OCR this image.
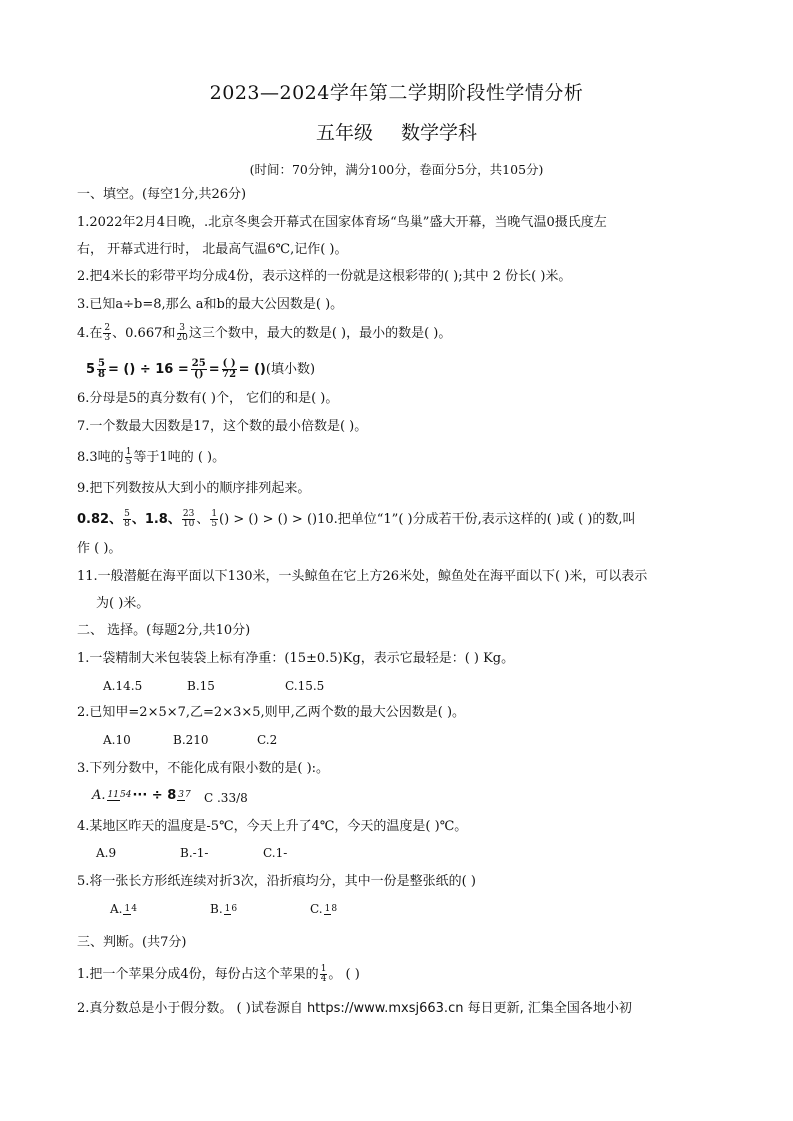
2023—2024学年第二学期阶段性学情分析
五年级 数学学科
(时间：70分钟，满分100分，卷面分5分，共105分)
一、填空。(每空1分,共26分)
1.2022年2月4日晚，.北京冬奥会开幕式在国家体育场“鸟巢”盛大开幕，当晚气温0摄氏度左
右， 开幕式进行时， 北最高气温6℃,记作( )。
2.把4米长的彩带平均分成4份，表示这样的一份就是这根彩带的( );其中 2 份长( )米。
3.已知a÷b=8,那么 a和b的最大公因数是( )。
4.在 $\frac{2}{3}$ 、0.667和 $\frac{3}{20}$ 这三个数中，最大的数是( )，最小的数是( )。
$5 \frac{5}{8}$ = () ÷ 16 = 25
() = ( )
72 = ()(填小数)
6.分母是5的真分数有( )个， 它们的和是( )。
7.一个数最大因数是17，这个数的最小倍数是( )。
8.3吨的 $\frac{1}{5}$ 等于1吨的 ( )。
9.把下列数按从大到小的顺序排列起来。
0.82、 $\frac{5}{8}$ 、1.8、 $\frac{23}{10}$ 、 $\frac{1}{5}$ () > () > () > ()10.把单位“1”( )分成若干份,表示这样的( )或 ( )的数,叫
作 ( )。
11.一般潜艇在海平面以下130米，一头鲸鱼在它上方26米处，鲸鱼处在海平面以下( )米，可以表示
为( )米。
二、 选择。(每题2分,共10分)
1.一袋精制大米包装袋上标有净重：(15±0.5)Kg，表示它最轻是：( ) Kg。
A.14.5	B.15	C.15.5
2.已知甲=2×5×7,乙=2×3×5,则甲,乙两个数的最大公因数是( )。
A.10	B.210	C.2
3.下列分数中，不能化成有限小数的是( ):。
A. 1154··· ÷ 8 37 C .33/8
4.某地区昨天的温度是-5℃，今天上升了4℃，今天的温度是( )℃。
A.9	B.-1-	C.1-
5.将一张长方形纸连续对折3次，沿折痕均分，其中一份是整张纸的( )
A. 14	B. 16	C. 18
三、判断。(共7分)
1.把一个苹果分成4份，每份占这个苹果的 $\frac{1}{4}$ 。 ( )
2.真分数总是小于假分数。 ( )试卷源自 https://www.mxsj663.cn 每日更新, 汇集全国各地小初
